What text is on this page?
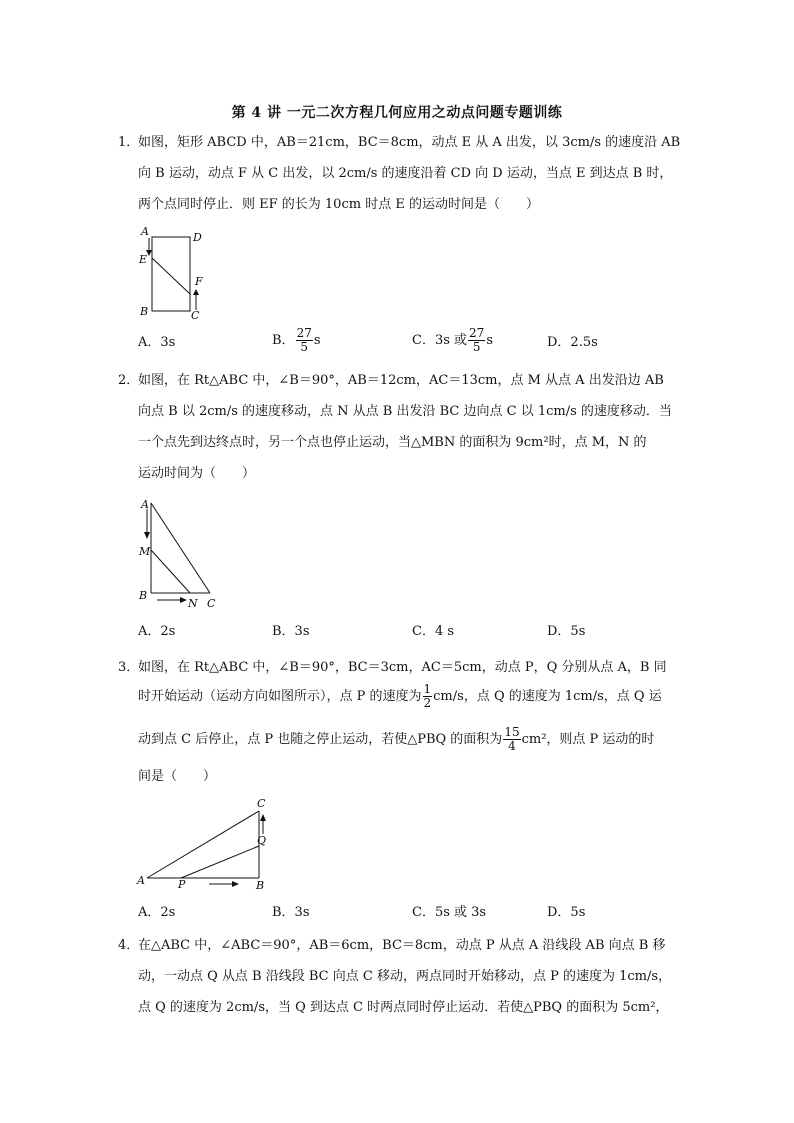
第 4 讲 一元二次方程几何应用之动点问题专题训练
1．
如图，矩形 ABCD 中，AB＝21cm，BC＝8cm，动点 E 从 A 出发，以 3cm/s 的速度沿 AB
向 B 运动，动点 F 从 C 出发，以 2cm/s 的速度沿着 CD 向 D 运动，当点 E 到达点 B 时，
两个点同时停止．则 EF 的长为 10cm 时点 E 的运动时间是（　　）
A	D
E
F
B	C
A．3s	B． $\frac{27}{5}$ s	C．3s 或 $\frac{27}{5}$ s	D．2.5s
2．
如图，在 Rt△ABC 中，∠B＝90°，AB＝12cm，AC＝13cm，点 M 从点 A 出发沿边 AB
向点 B 以 2cm/s 的速度移动，点 N 从点 B 出发沿 BC 边向点 C 以 1cm/s 的速度移动．当
一个点先到达终点时，另一个点也停止运动，当△MBN 的面积为 9cm²时，点 M，N 的
运动时间为（　　）
A
M
B
N C
A．2s	B．3s	C．4 s	D．5s
3．
如图，在 Rt△ABC 中，∠B＝90°，BC＝3cm，AC＝5cm，动点 P，Q 分别从点 A，B 同
时开始运动（运动方向如图所示），点 P 的速度为 $\frac{1}{2} cm/s$，点 Q 的速度为 1cm/s，点 Q 运
动到点 C 后停止，点 P 也随之停止运动，若使△PBQ 的面积为 $\frac{15}{4} cm^2$，则点 P 运动的时
间是（　　）
C
Q
A	P	B
A．2s	B．3s	C．5s 或 3s	D．5s
4．
在△ABC 中，∠ABC＝90°，AB＝6cm，BC＝8cm，动点 P 从点 A 沿线段 AB 向点 B 移
动，一动点 Q 从点 B 沿线段 BC 向点 C 移动，两点同时开始移动，点 P 的速度为 1cm/s，
点 Q 的速度为 2cm/s，当 Q 到达点 C 时两点同时停止运动．若使△PBQ 的面积为 5cm²，
